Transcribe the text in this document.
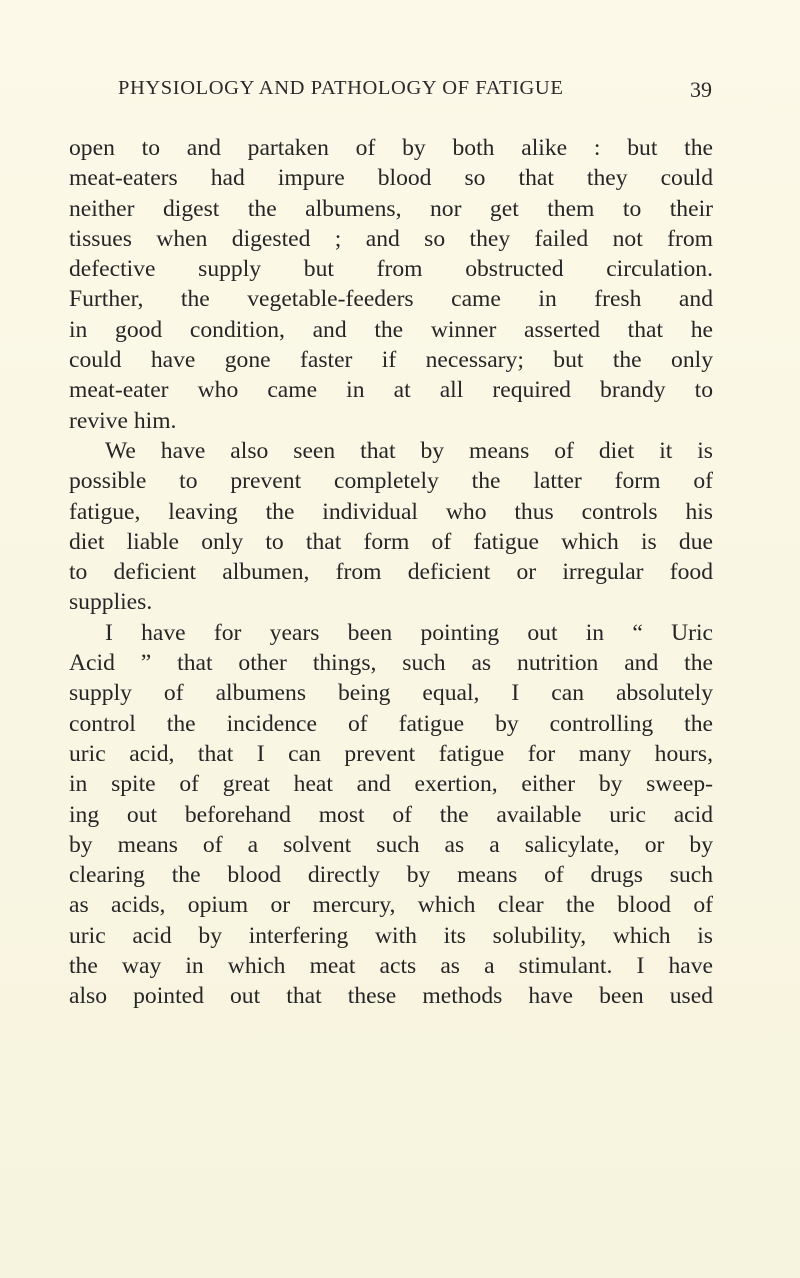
PHYSIOLOGY AND PATHOLOGY OF FATIGUE	39
open to and partaken of by both alike : but the
meat-eaters had impure blood so that they could
neither digest the albumens, nor get them to their
tissues when digested ; and so they failed not from
defective supply but from obstructed circulation.
Further, the vegetable-feeders came in fresh and
in good condition, and the winner asserted that he
could have gone faster if necessary; but the only
meat-eater who came in at all required brandy to
revive him.
We have also seen that by means of diet it is
possible to prevent completely the latter form of
fatigue, leaving the individual who thus controls his
diet liable only to that form of fatigue which is due
to deficient albumen, from deficient or irregular food
supplies.
I have for years been pointing out in “ Uric
Acid ” that other things, such as nutrition and the
supply of albumens being equal, I can absolutely
control the incidence of fatigue by controlling the
uric acid, that I can prevent fatigue for many hours,
in spite of great heat and exertion, either by sweep-
ing out beforehand most of the available uric acid
by means of a solvent such as a salicylate, or by
clearing the blood directly by means of drugs such
as acids, opium or mercury, which clear the blood of
uric acid by interfering with its solubility, which is
the way in which meat acts as a stimulant. I have
also pointed out that these methods have been used
